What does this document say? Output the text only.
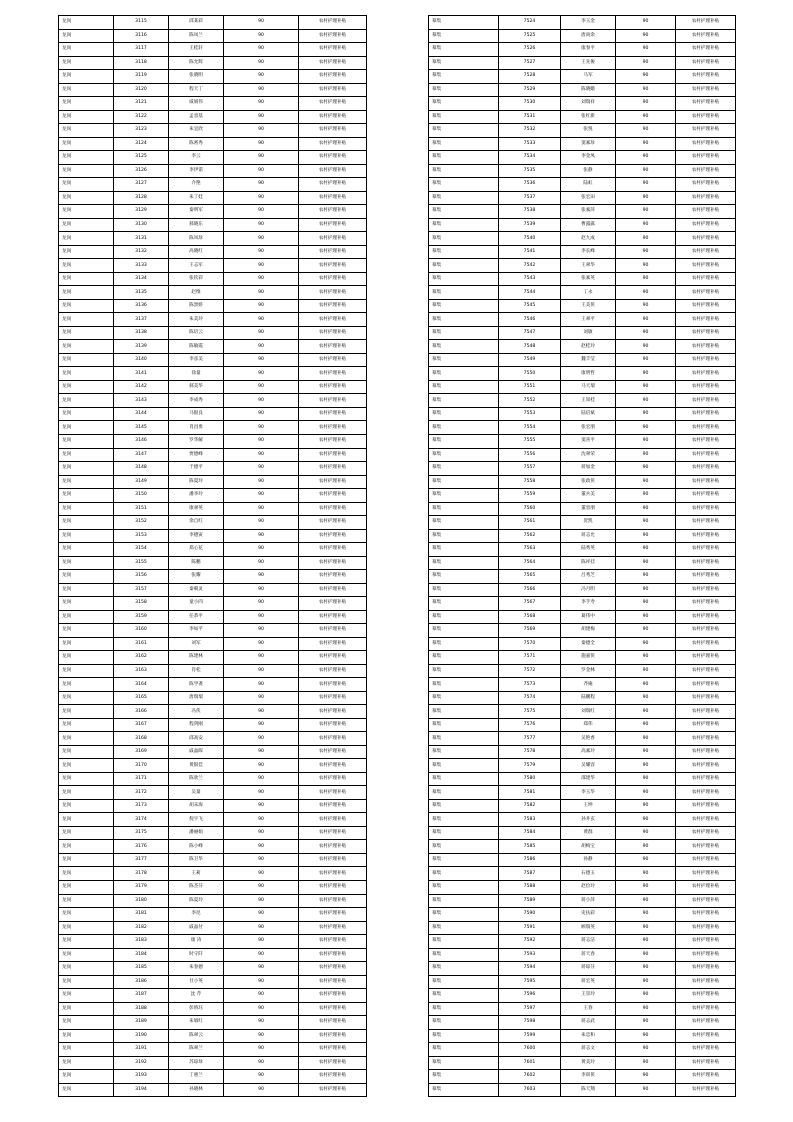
龙岗	3115	邱某彩	90	农村护理补贴
龙岗	3116	陈凤兰	90	农村护理补贴
龙岗	3117	王桂轩	90	农村护理补贴
龙岗	3118	陈允辉	90	农村护理补贴
龙岗	3119	张晓明	90	农村护理补贴
龙岗	3120	程天丁	90	农村护理补贴
龙岗	3121	威娟伟	90	农村护理补贴
龙岗	3122	孟容基	90	农村护理补贴
龙岗	3123	朱宜欣	90	农村护理补贴
龙岗	3124	陈密秀	90	农村护理补贴
龙岗	3125	李云	90	农村护理补贴
龙岗	3126	李伊诺	90	农村护理补贴
龙岗	3127	介艳	90	农村护理补贴
龙岗	3128	朱丁娃	90	农村护理补贴
龙岗	3129	秦明军	90	农村护理补贴
龙岗	3130	郝晓东	90	农村护理补贴
龙岗	3131	陈凤珍	90	农村护理补贴
龙岗	3132	高晓红	90	农村护理补贴
龙岗	3133	王志军	90	农村护理补贴
龙岗	3134	张钦彩	90	农村护理补贴
龙岗	3135	赵维	90	农村护理补贴
龙岗	3136	陈黑娇	90	农村护理补贴
龙岗	3137	朱美玲	90	农村护理补贴
龙岗	3138	陈培云	90	农村护理补贴
龙岗	3139	陈敏霞	90	农村护理补贴
龙岗	3140	李彦美	90	农村护理补贴
龙岗	3141	徐量	90	农村护理补贴
龙岗	3142	郝美华	90	农村护理补贴
龙岗	3143	李成秀	90	农村护理补贴
龙岗	3144	马银良	90	农村护理补贴
龙岗	3145	肖昌勇	90	农村护理补贴
龙岗	3146	罗华解	90	农村护理补贴
龙岗	3147	贾德峰	90	农村护理补贴
龙岗	3148	于德平	90	农村护理补贴
龙岗	3149	陈夏玲	90	农村护理补贴
龙岗	3150	潘李玲	90	农村护理补贴
龙岗	3151	康翠英	90	农村护理补贴
龙岗	3152	余自红	90	农村护理补贴
龙岗	3153	李德寅	90	农村护理补贴
龙岗	3154	郑心花	90	农村护理补贴
龙岗	3155	陈鹏	90	农村护理补贴
龙岗	3156	张耀	90	农村护理补贴
龙岗	3157	秦朝灵	90	农村护理补贴
龙岗	3158	童小四	90	农村护理补贴
龙岗	3159	任恭平	90	农村护理补贴
龙岗	3160	李如平	90	农村护理补贴
龙岗	3161	刘军	90	农村护理补贴
龙岗	3162	陈建林	90	农村护理补贴
龙岗	3163	肖松	90	农村护理补贴
龙岗	3164	陈学斋	90	农村护理补贴
龙岗	3165	唐瑞瑞	90	农村护理补贴
龙岗	3166	冯侠	90	农村护理补贴
龙岗	3167	程剑刚	90	农村护理补贴
龙岗	3168	邱高安	90	农村护理补贴
龙岗	3169	戚晶晖	90	农村护理补贴
龙岗	3170	黄银佳	90	农村护理补贴
龙岗	3171	陈欣兰	90	农村护理补贴
龙岗	3172	吴量	90	农村护理补贴
龙岗	3173	胡末海	90	农村护理补贴
龙岗	3174	倪宇飞	90	农村护理补贴
龙岗	3175	潘丽娟	90	农村护理补贴
龙岗	3176	陈小峰	90	农村护理补贴
龙岗	3177	陈卫华	90	农村护理补贴
龙岗	3178	王莉	90	农村护理补贴
龙岗	3179	陈杰芬	90	农村护理补贴
龙岗	3180	陈夏玲	90	农村护理补贴
龙岗	3181	李昆	90	农村护理补贴
龙岗	3182	戚晶付	90	农村护理补贴
龙岗	3183	康 涛	90	农村护理补贴
龙岗	3184	时守阡	90	农村护理补贴
龙岗	3185	朱春德	90	农村护理补贴
龙岗	3186	甘小英	90	农村护理补贴
龙岗	3187	沈 芹	90	农村护理补贴
龙岗	3188	彭娇珏	90	农村护理补贴
龙岗	3189	朱娟红	90	农村护理补贴
龙岗	3190	陈翠云	90	农村护理补贴
龙岗	3191	陈翠兰	90	农村护理补贴
龙岗	3192	苏琼珍	90	农村护理补贴
龙岗	3193	丁惠兰	90	农村护理补贴
龙岗	3194	孙晓林	90	农村护理补贴
慕集	7524	李玉金	90	农村护理补贴
慕集	7525	唐尚余	90	农村护理补贴
慕集	7526	康春平	90	农村护理补贴
慕集	7527	王先俊	90	农村护理补贴
慕集	7528	马军	90	农村护理补贴
慕集	7529	陈晓娥	90	农村护理补贴
慕集	7530	刘瑞祥	90	农村护理补贴
慕集	7531	张红新	90	农村护理补贴
慕集	7532	张悦	90	农村护理补贴
慕集	7533	窦素珍	90	农村护理补贴
慕集	7534	李金凤	90	农村护理补贴
慕集	7535	张静	90	农村护理补贴
慕集	7536	陆虹	90	农村护理补贴
慕集	7537	张宏田	90	农村护理补贴
慕集	7538	张素萍	90	农村护理补贴
慕集	7539	曹露露	90	农村护理补贴
慕集	7540	赵九成	90	农村护理补贴
慕集	7541	李长峰	90	农村护理补贴
慕集	7542	王翠华	90	农村护理补贴
慕集	7543	张素英	90	农村护理补贴
慕集	7544	丁永	90	农村护理补贴
慕集	7545	王美侠	90	农村护理补贴
慕集	7546	王翠平	90	农村护理补贴
慕集	7547	刘敏	90	农村护理补贴
慕集	7548	赵桂玲	90	农村护理补贴
慕集	7549	魏丰莹	90	农村护理补贴
慕集	7550	康明哲	90	农村护理补贴
慕集	7551	马天瑞	90	农村护理补贴
慕集	7552	王知桂	90	农村护理补贴
慕集	7553	陆倍斌	90	农村护理补贴
慕集	7554	张宏朋	90	农村护理补贴
慕集	7555	窦喜平	90	农村护理补贴
慕集	7556	沈翠荣	90	农村护理补贴
慕集	7557	蒋加金	90	农村护理补贴
慕集	7558	张政侠	90	农村护理补贴
慕集	7559	董兵美	90	农村护理补贴
慕集	7560	董容朋	90	农村护理补贴
慕集	7561	贺凯	90	农村护理补贴
慕集	7562	蒋志允	90	农村护理补贴
慕集	7563	陆秀英	90	农村护理补贴
慕集	7564	陈祥挂	90	农村护理补贴
慕集	7565	吕秀芝	90	农村护理补贴
慕集	7566	冯月明	90	农村护理补贴
慕集	7567	李手寿	90	农村护理补贴
慕集	7568	葛伟中	90	农村护理补贴
慕集	7569	胡建梅	90	农村护理补贴
慕集	7570	秦德全	90	农村护理补贴
慕集	7571	施嘉侠	90	农村护理补贴
慕集	7572	罗金林	90	农村护理补贴
慕集	7573	齐庵	90	农村护理补贴
慕集	7574	陆鹏程	90	农村护理补贴
慕集	7575	刘瑞红	90	农村护理补贴
慕集	7576	郑伟	90	农村护理补贴
慕集	7577	吴艳香	90	农村护理补贴
慕集	7578	高素玲	90	农村护理补贴
慕集	7579	吴耀容	90	农村护理补贴
慕集	7580	邵建华	90	农村护理补贴
慕集	7581	李玉华	90	农村护理补贴
慕集	7582	王坤	90	农村护理补贴
慕集	7583	孙井玄	90	农村护理补贴
慕集	7584	黄群	90	农村护理补贴
慕集	7585	胡梅宝	90	农村护理补贴
慕集	7586	孙静	90	农村护理补贴
慕集	7587	石德玉	90	农村护理补贴
慕集	7588	赵俭玲	90	农村护理补贴
慕集	7589	蒋小萍	90	农村护理补贴
慕集	7590	史扶彩	90	农村护理补贴
慕集	7591	顾瑞英	90	农村护理补贴
慕集	7592	蒋志洁	90	农村护理补贴
慕集	7593	蒋天春	90	农村护理补贴
慕集	7594	蒋琼芬	90	农村护理补贴
慕集	7595	蒋宏英	90	农村护理补贴
慕集	7596	王崇玲	90	农村护理补贴
慕集	7597	王春	90	农村护理补贴
慕集	7598	蒋志武	90	农村护理补贴
慕集	7599	朱忠和	90	农村护理补贴
慕集	7600	蒋志文	90	农村护理补贴
慕集	7601	黄美玲	90	农村护理补贴
慕集	7602	李训侠	90	农村护理补贴
慕集	7603	陈天翔	90	农村护理补贴
